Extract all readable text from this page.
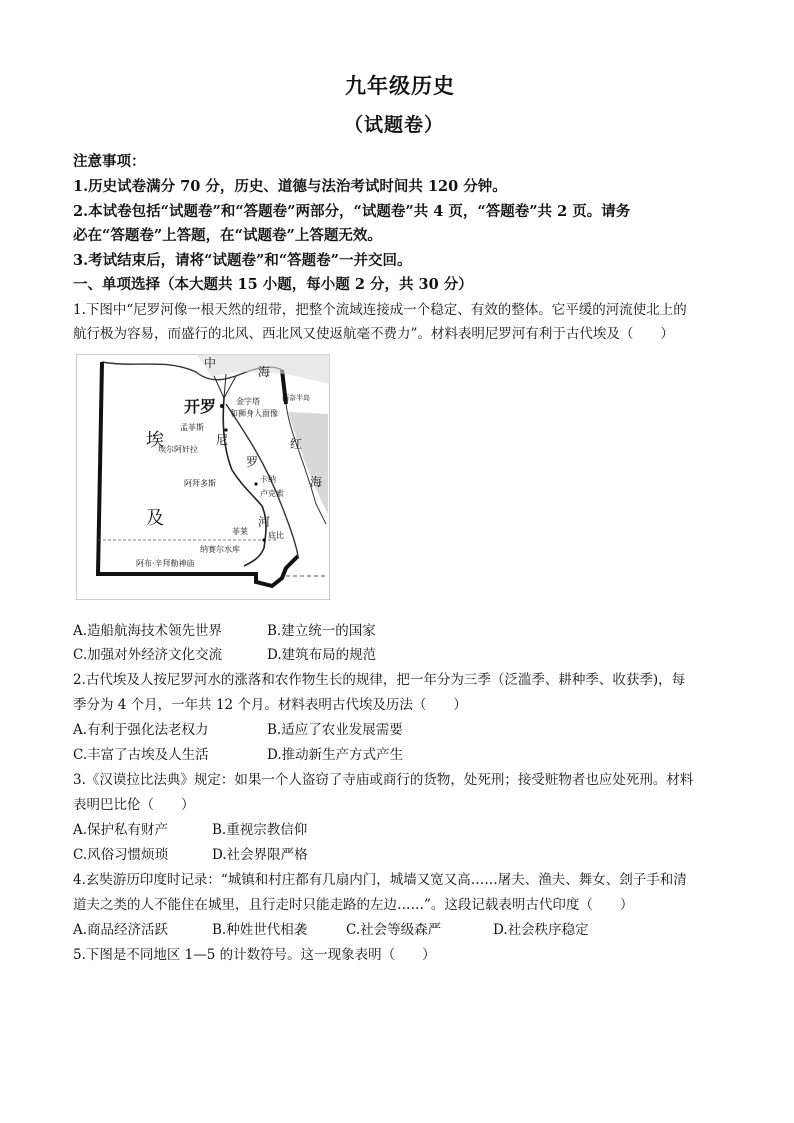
九年级历史
（试题卷）
注意事项：
1.历史试卷满分 70 分，历史、道德与法治考试时间共 120 分钟。
2.本试卷包括“试题卷”和“答题卷”两部分，“试题卷”共 4 页，“答题卷”共 2 页。请务
必在“答题卷”上答题，在“试题卷”上答题无效。
3.考试结束后，请将“试题卷”和“答题卷”一并交回。
一、单项选择（本大题共 15 小题，每小题 2 分，共 30 分）
1.下图中“尼罗河像一根天然的纽带，把整个流域连接成一个稳定、有效的整体。它平缓的河流使北上的
航行极为容易，而盛行的北风、西北风又使返航毫不费力”。材料表明尼罗河有利于古代埃及（　　）
中
海
开罗 金字塔
和狮身人面像
孟菲斯
埃尔阿奸拉
阿拜多斯	卡纳
卢克索
底比
菲莱
纳赛尔水库
阿布·辛拜勒神庙
埃
及
尼
罗
河
红
海
西奈半岛
A.造船航海技术领先世界	B.建立统一的国家
C.加强对外经济文化交流	D.建筑布局的规范
2.古代埃及人按尼罗河水的涨落和农作物生长的规律，把一年分为三季（泛滥季、耕种季、收获季)，每
季分为 4 个月，一年共 12 个月。材料表明古代埃及历法（　　）
A.有利于强化法老权力	B.适应了农业发展需要
C.丰富了古埃及人生活	D.推动新生产方式产生
3.《汉谟拉比法典》规定：如果一个人盗窃了寺庙或商行的货物，处死刑；接受赃物者也应处死刑。材料
表明巴比伦（　　）
A.保护私有财产	B.重视宗教信仰
C.风俗习惯烦琐	D.社会界限严格
4.玄奘游历印度时记录：“城镇和村庄都有几扇内门，城墙又宽又高……屠夫、渔夫、舞女、刽子手和清
道夫之类的人不能住在城里，且行走时只能走路的左边……”。这段记载表明古代印度（　　）
A.商品经济活跃	B.种姓世代相袭	C.社会等级森严	D.社会秩序稳定
5.下图是不同地区 1—5 的计数符号。这一现象表明（　　）
